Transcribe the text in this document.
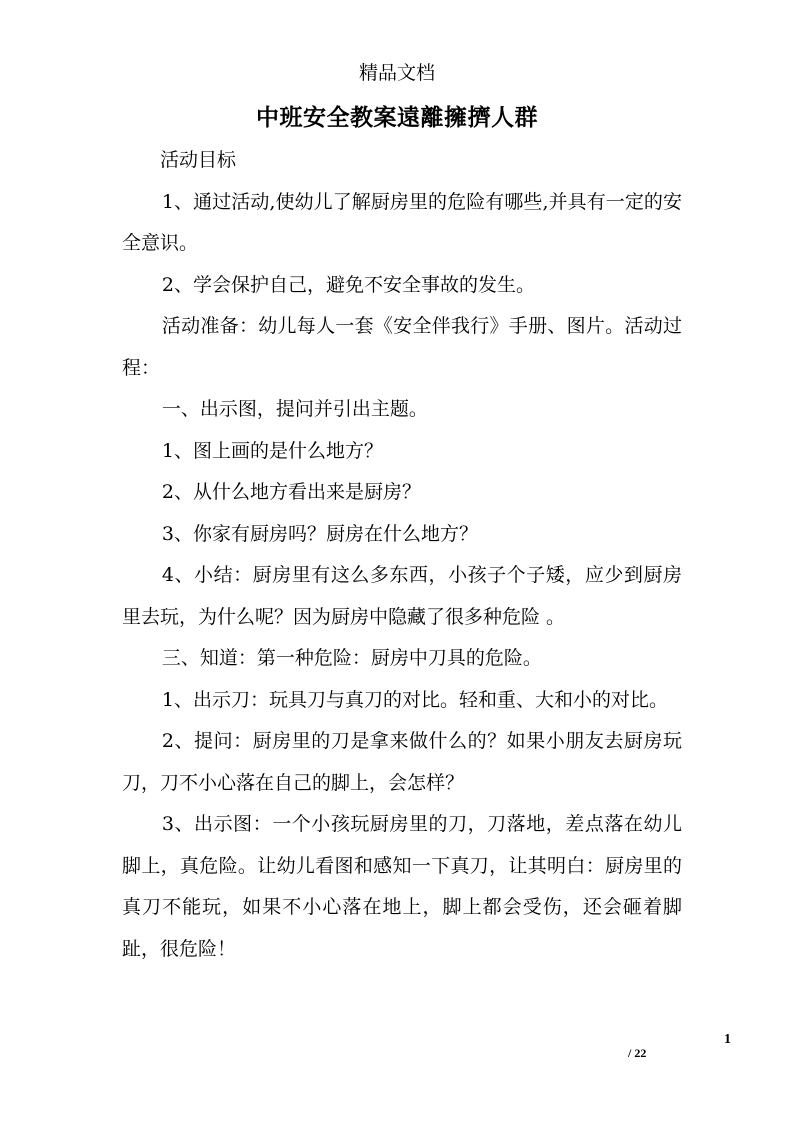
精品文档
中班安全教案遠離擁擠人群

活动目标

1、通过活动,使幼儿了解厨房里的危险有哪些,并具有一定的安全意识。

2、学会保护自己，避免不安全事故的发生。

活动准备：幼儿每人一套《安全伴我行》手册、图片。活动过程：

一、出示图，提问并引出主题。

1、图上画的是什么地方？

2、从什么地方看出来是厨房？

3、你家有厨房吗？厨房在什么地方？

4、小结：厨房里有这么多东西，小孩子个子矮，应少到厨房里去玩，为什么呢？因为厨房中隐藏了很多种危险 。

三、知道：第一种危险：厨房中刀具的危险。

1、出示刀：玩具刀与真刀的对比。轻和重、大和小的对比。

2、提问：厨房里的刀是拿来做什么的？如果小朋友去厨房玩刀，刀不小心落在自己的脚上，会怎样？

3、出示图：一个小孩玩厨房里的刀，刀落地，差点落在幼儿脚上，真危险。让幼儿看图和感知一下真刀，让其明白：厨房里的真刀不能玩，如果不小心落在地上，脚上都会受伤，还会砸着脚趾，很危险！

1
/ 22
